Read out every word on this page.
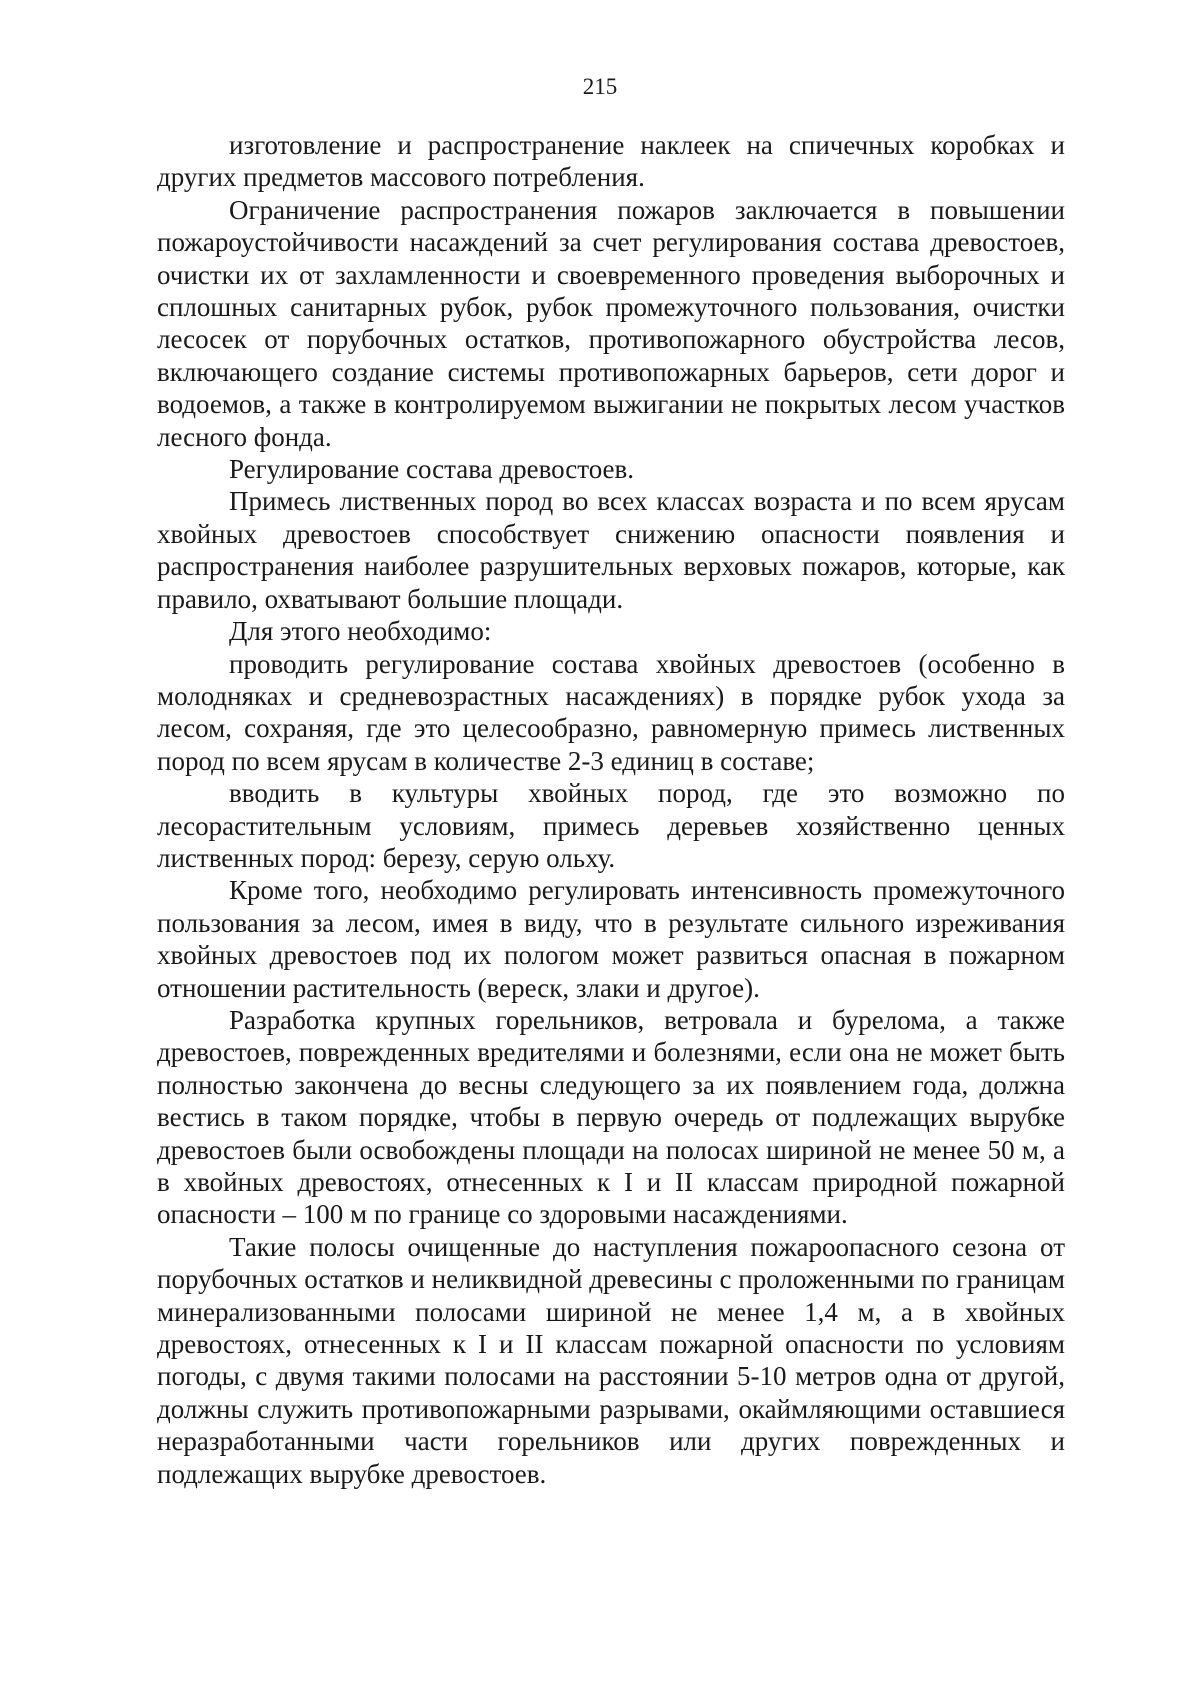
215

изготовление и распространение наклеек на спичечных коробках и других предметов массового потребления.

Ограничение распространения пожаров заключается в повышении пожароустойчивости насаждений за счет регулирования состава древостоев, очистки их от захламленности и своевременного проведения выборочных и сплошных санитарных рубок, рубок промежуточного пользования, очистки лесосек от порубочных остатков, противопожарного обустройства лесов, включающего создание системы противопожарных барьеров, сети дорог и водоемов, а также в контролируемом выжигании не покрытых лесом участков лесного фонда.

Регулирование состава древостоев.

Примесь лиственных пород во всех классах возраста и по всем ярусам хвойных древостоев способствует снижению опасности появления и распространения наиболее разрушительных верховых пожаров, которые, как правило, охватывают большие площади.

Для этого необходимо:

проводить регулирование состава хвойных древостоев (особенно в молодняках и средневозрастных насаждениях) в порядке рубок ухода за лесом, сохраняя, где это целесообразно, равномерную примесь лиственных пород по всем ярусам в количестве 2-3 единиц в составе;

вводить в культуры хвойных пород, где это возможно по лесорастительным условиям, примесь деревьев хозяйственно ценных лиственных пород: березу, серую ольху.

Кроме того, необходимо регулировать интенсивность промежуточного пользования за лесом, имея в виду, что в результате сильного изреживания хвойных древостоев под их пологом может развиться опасная в пожарном отношении растительность (вереск, злаки и другое).

Разработка крупных горельников, ветровала и бурелома, а также древостоев, поврежденных вредителями и болезнями, если она не может быть полностью закончена до весны следующего за их появлением года, должна вестись в таком порядке, чтобы в первую очередь от подлежащих вырубке древостоев были освобождены площади на полосах шириной не менее 50 м, а в хвойных древостоях, отнесенных к I и II классам природной пожарной опасности – 100 м по границе со здоровыми насаждениями.

Такие полосы очищенные до наступления пожароопасного сезона от порубочных остатков и неликвидной древесины с проложенными по границам минерализованными полосами шириной не менее 1,4 м, а в хвойных древостоях, отнесенных к I и II классам пожарной опасности по условиям погоды, с двумя такими полосами на расстоянии 5-10 метров одна от другой, должны служить противопожарными разрывами, окаймляющими оставшиеся неразработанными части горельников или других поврежденных и подлежащих вырубке древостоев.
